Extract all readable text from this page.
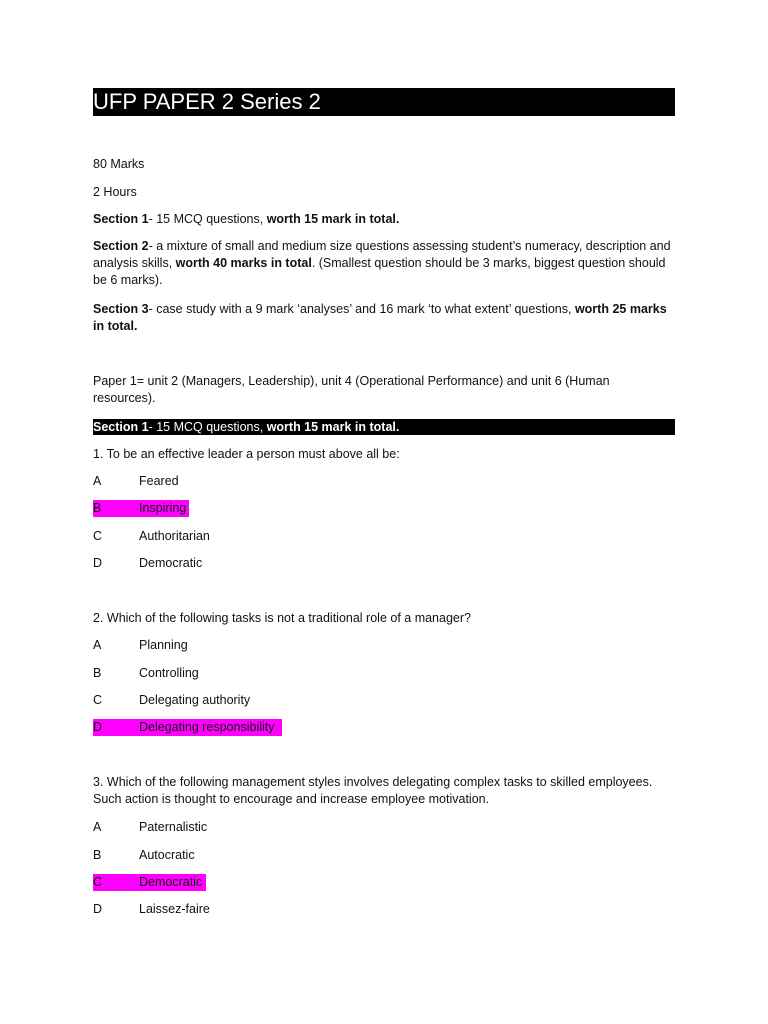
UFP PAPER 2 Series 2
80 Marks
2 Hours
Section 1- 15 MCQ questions, worth 15 mark in total.
Section 2- a mixture of small and medium size questions assessing student’s numeracy, description and analysis skills, worth 40 marks in total. (Smallest question should be 3 marks, biggest question should be 6 marks).
Section 3- case study with a 9 mark ‘analyses’ and 16 mark ‘to what extent’ questions, worth 25 marks in total.
Paper 1= unit 2 (Managers, Leadership), unit 4 (Operational Performance) and unit 6 (Human resources).
Section 1- 15 MCQ questions, worth 15 mark in total.
1. To be an effective leader a person must above all be:
A	Feared
B	Inspiring
C	Authoritarian
D	Democratic
2. Which of the following tasks is not a traditional role of a manager?
A	Planning
B	Controlling
C	Delegating authority
D	Delegating responsibility
3. Which of the following management styles involves delegating complex tasks to skilled employees. Such action is thought to encourage and increase employee motivation.
A	Paternalistic
B	Autocratic
C	Democratic
D	Laissez-faire
